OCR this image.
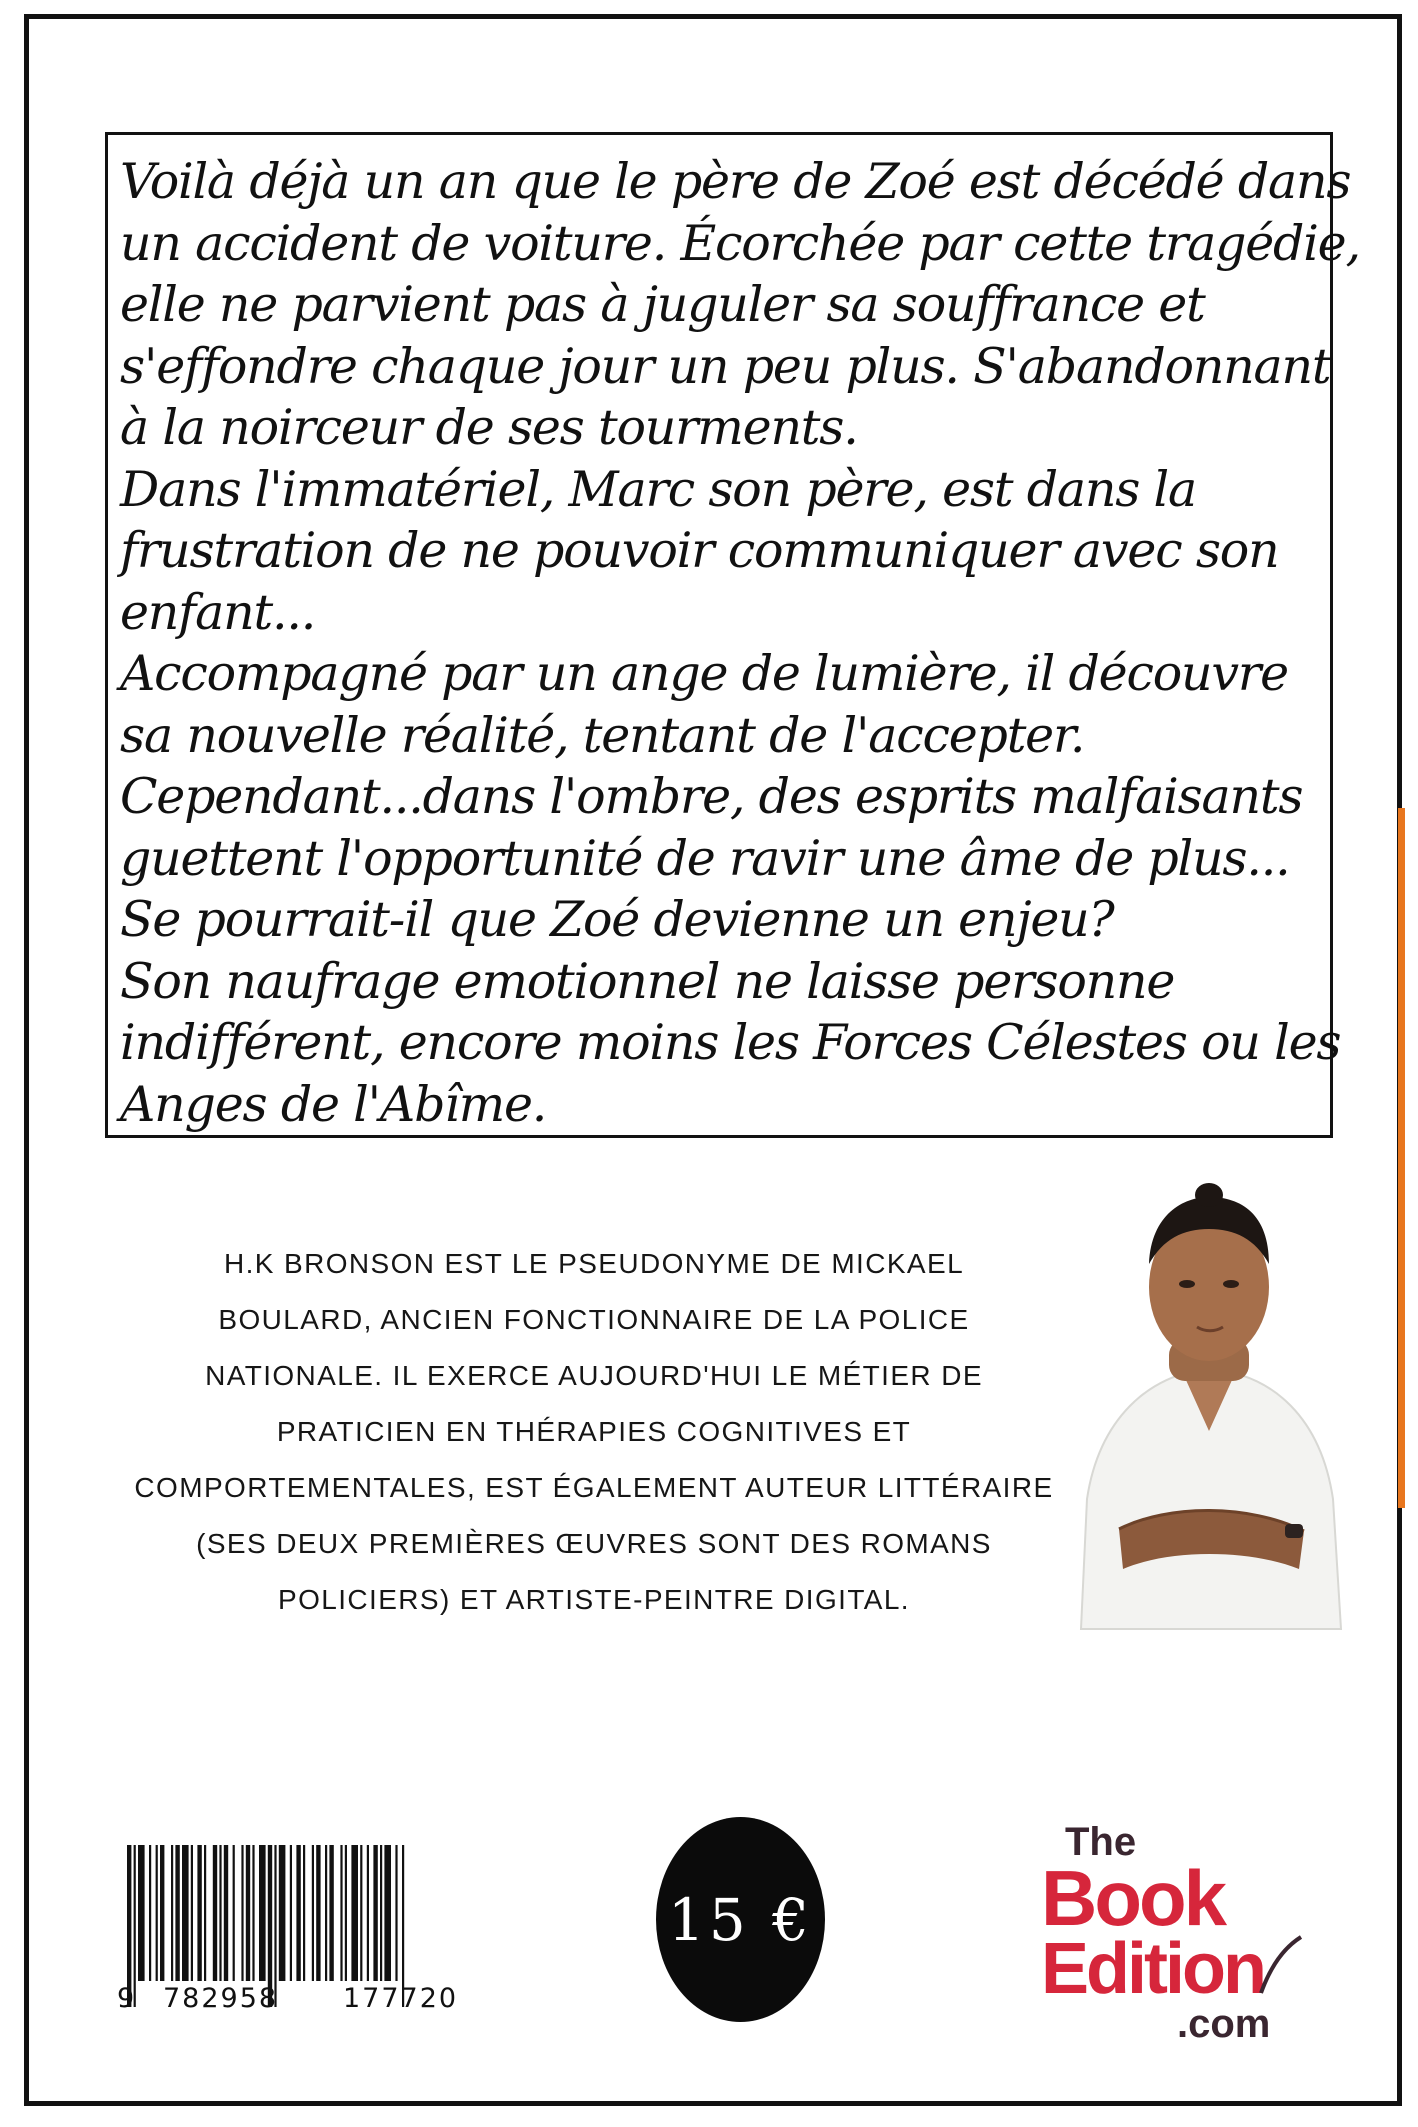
Voilà déjà un an que le père de Zoé est décédé dans

un accident de voiture. Écorchée par cette tragédie,

elle ne parvient pas à juguler sa souffrance et

s'effondre chaque jour un peu plus. S'abandonnant

à la noirceur de ses tourments.

Dans l'immatériel, Marc son père, est dans la

frustration de ne pouvoir communiquer avec son

enfant...

Accompagné par un ange de lumière, il découvre

sa nouvelle réalité, tentant de l'accepter.

Cependant...dans l'ombre, des esprits malfaisants

guettent l'opportunité de ravir une âme de plus...

Se pourrait-il que Zoé devienne un enjeu?

Son naufrage emotionnel ne laisse personne

indifférent, encore moins les Forces Célestes ou les

Anges de l'Abîme.

H.K BRONSON EST LE PSEUDONYME DE MICKAEL
BOULARD, ANCIEN FONCTIONNAIRE DE LA POLICE
NATIONALE. IL EXERCE AUJOURD'HUI LE MÉTIER DE
PRATICIEN EN THÉRAPIES COGNITIVES ET
COMPORTEMENTALES, EST ÉGALEMENT AUTEUR LITTÉRAIRE
(SES DEUX PREMIÈRES ŒUVRES SONT DES ROMANS
POLICIERS) ET ARTISTE-PEINTRE DIGITAL.
9 782958 177720
15 €
The
Book
Edition
.com
